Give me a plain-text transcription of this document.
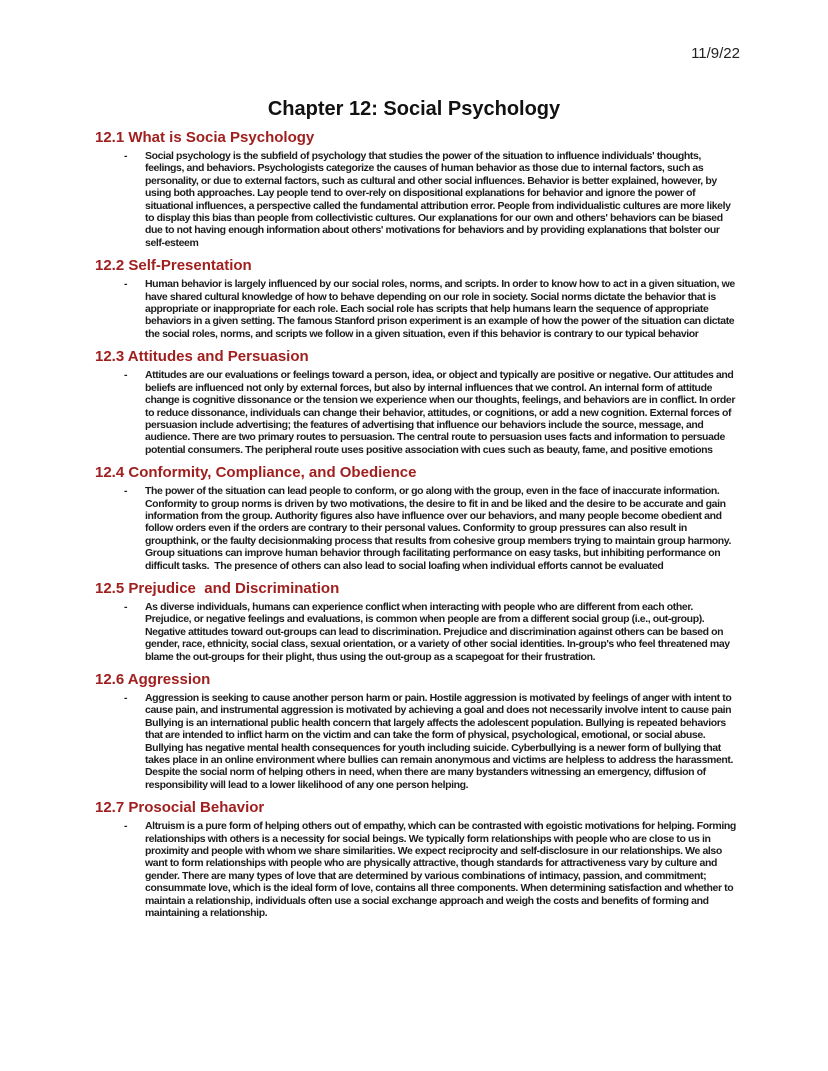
11/9/22
Chapter 12: Social Psychology
12.1 What is Socia Psychology
-	Social psychology is the subfield of psychology that studies the power of the situation to influence individuals' thoughts, feelings, and behaviors. Psychologists categorize the causes of human behavior as those due to internal factors, such as personality, or due to external factors, such as cultural and other social influences. Behavior is better explained, however, by using both approaches. Lay people tend to over-rely on dispositional explanations for behavior and ignore the power of situational influences, a perspective called the fundamental attribution error. People from individualistic cultures are more likely to display this bias than people from collectivistic cultures. Our explanations for our own and others' behaviors can be biased due to not having enough information about others' motivations for behaviors and by providing explanations that bolster our self-esteem

12.2 Self-Presentation
-	Human behavior is largely influenced by our social roles, norms, and scripts. In order to know how to act in a given situation, we have shared cultural knowledge of how to behave depending on our role in society. Social norms dictate the behavior that is appropriate or inappropriate for each role. Each social role has scripts that help humans learn the sequence of appropriate behaviors in a given setting. The famous Stanford prison experiment is an example of how the power of the situation can dictate the social roles, norms, and scripts we follow in a given situation, even if this behavior is contrary to our typical behavior

12.3 Attitudes and Persuasion
-	Attitudes are our evaluations or feelings toward a person, idea, or object and typically are positive or negative. Our attitudes and beliefs are influenced not only by external forces, but also by internal influences that we control. An internal form of attitude change is cognitive dissonance or the tension we experience when our thoughts, feelings, and behaviors are in conflict. In order to reduce dissonance, individuals can change their behavior, attitudes, or cognitions, or add a new cognition. External forces of persuasion include advertising; the features of advertising that influence our behaviors include the source, message, and audience. There are two primary routes to persuasion. The central route to persuasion uses facts and information to persuade potential consumers. The peripheral route uses positive association with cues such as beauty, fame, and positive emotions

12.4 Conformity, Compliance, and Obedience
-	The power of the situation can lead people to conform, or go along with the group, even in the face of inaccurate information. Conformity to group norms is driven by two motivations, the desire to fit in and be liked and the desire to be accurate and gain information from the group. Authority figures also have influence over our behaviors, and many people become obedient and follow orders even if the orders are contrary to their personal values. Conformity to group pressures can also result in groupthink, or the faulty decisionmaking process that results from cohesive group members trying to maintain group harmony. Group situations can improve human behavior through facilitating performance on easy tasks, but inhibiting performance on difficult tasks.  The presence of others can also lead to social loafing when individual efforts cannot be evaluated

12.5 Prejudice  and Discrimination
-	As diverse individuals, humans can experience conflict when interacting with people who are different from each other. Prejudice, or negative feelings and evaluations, is common when people are from a different social group (i.e., out-group). Negative attitudes toward out-groups can lead to discrimination. Prejudice and discrimination against others can be based on gender, race, ethnicity, social class, sexual orientation, or a variety of other social identities. In-group's who feel threatened may blame the out-groups for their plight, thus using the out-group as a scapegoat for their frustration.

12.6 Aggression
-	Aggression is seeking to cause another person harm or pain. Hostile aggression is motivated by feelings of anger with intent to cause pain, and instrumental aggression is motivated by achieving a goal and does not necessarily involve intent to cause pain Bullying is an international public health concern that largely affects the adolescent population. Bullying is repeated behaviors that are intended to inflict harm on the victim and can take the form of physical, psychological, emotional, or social abuse. Bullying has negative mental health consequences for youth including suicide. Cyberbullying is a newer form of bullying that takes place in an online environment where bullies can remain anonymous and victims are helpless to address the harassment. Despite the social norm of helping others in need, when there are many bystanders witnessing an emergency, diffusion of responsibility will lead to a lower likelihood of any one person helping.

12.7 Prosocial Behavior
-	Altruism is a pure form of helping others out of empathy, which can be contrasted with egoistic motivations for helping. Forming relationships with others is a necessity for social beings. We typically form relationships with people who are close to us in proximity and people with whom we share similarities. We expect reciprocity and self-disclosure in our relationships. We also want to form relationships with people who are physically attractive, though standards for attractiveness vary by culture and gender. There are many types of love that are determined by various combinations of intimacy, passion, and commitment; consummate love, which is the ideal form of love, contains all three components. When determining satisfaction and whether to maintain a relationship, individuals often use a social exchange approach and weigh the costs and benefits of forming and maintaining a relationship.
